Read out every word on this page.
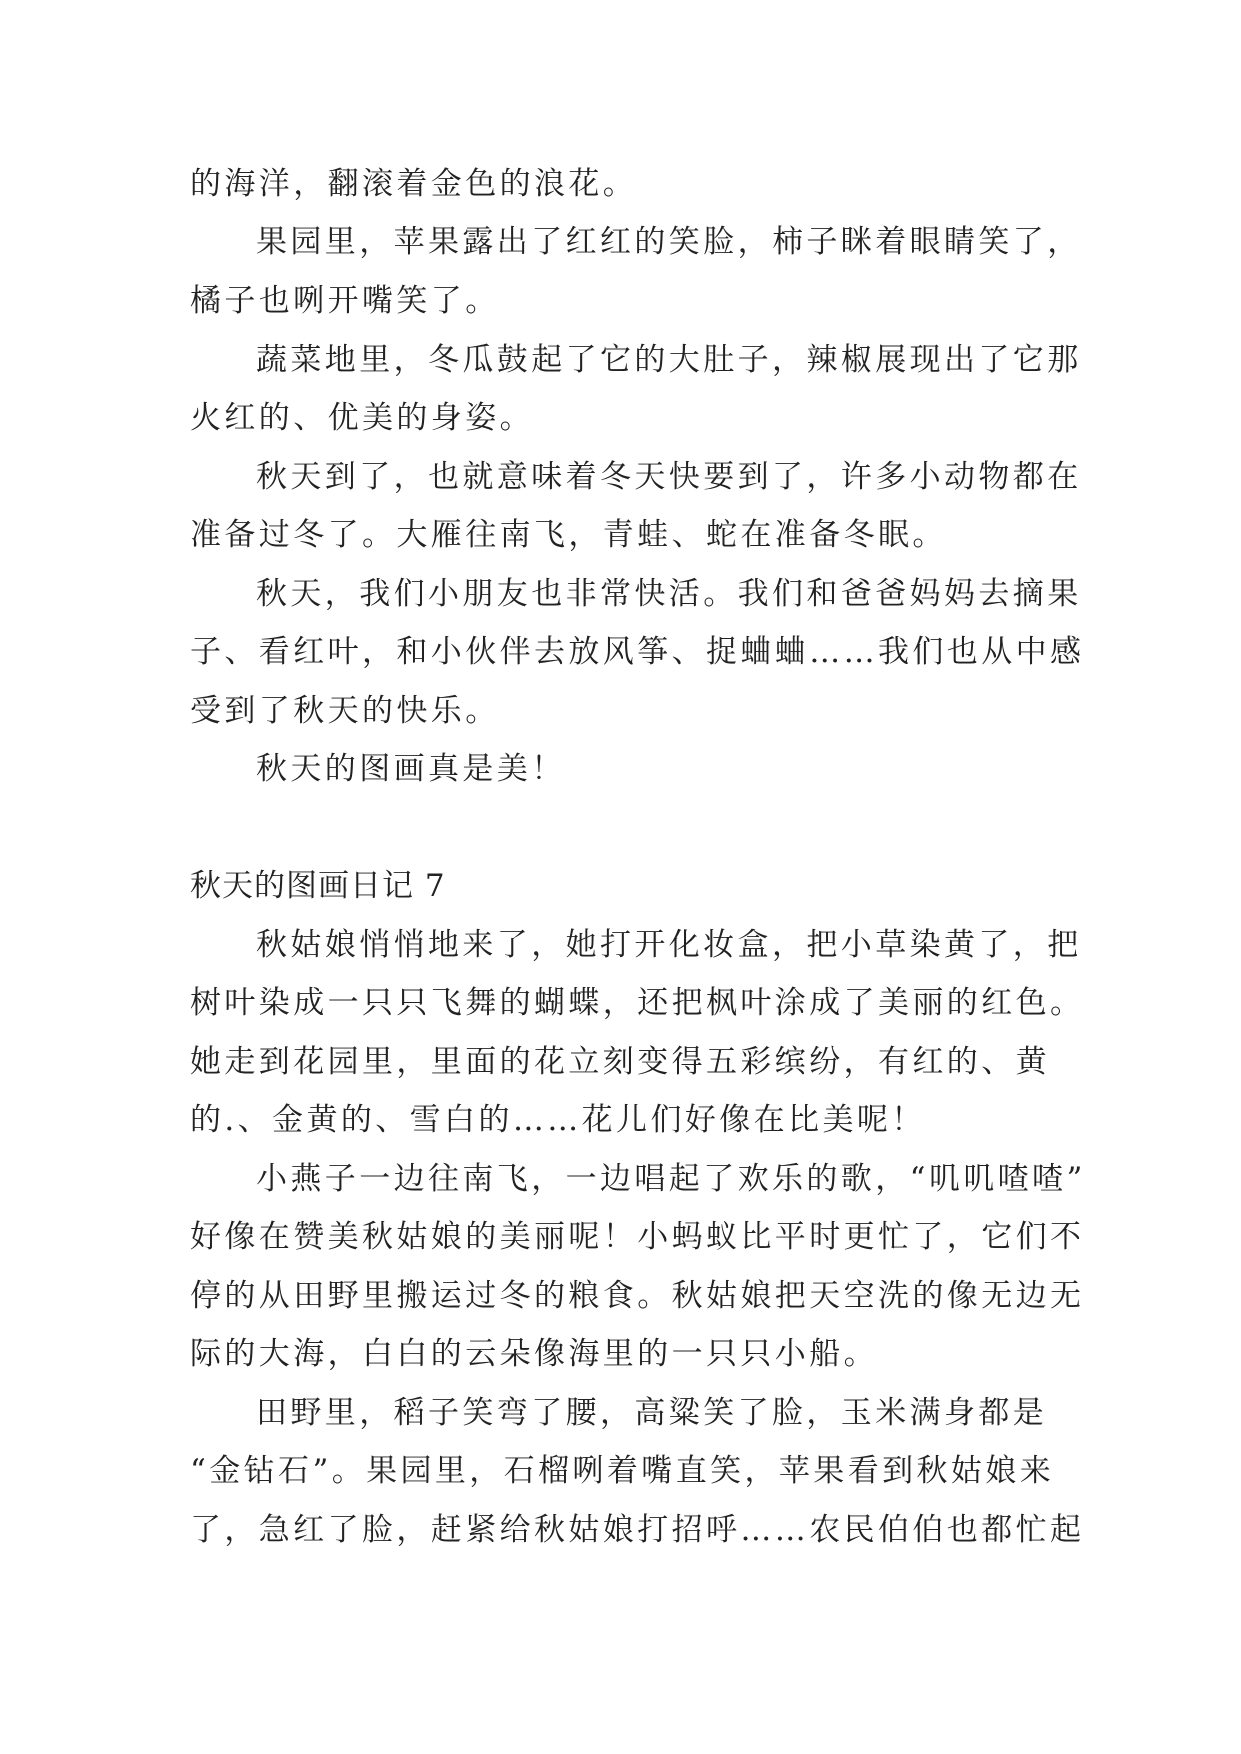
的海洋，翻滚着金色的浪花。
果园里，苹果露出了红红的笑脸，柿子眯着眼睛笑了，
橘子也咧开嘴笑了。
蔬菜地里，冬瓜鼓起了它的大肚子，辣椒展现出了它那
火红的、优美的身姿。
秋天到了，也就意味着冬天快要到了，许多小动物都在
准备过冬了。大雁往南飞，青蛙、蛇在准备冬眠。
秋天，我们小朋友也非常快活。我们和爸爸妈妈去摘果
子、看红叶，和小伙伴去放风筝、捉蛐蛐……我们也从中感
受到了秋天的快乐。
秋天的图画真是美！
秋天的图画日记 7
秋姑娘悄悄地来了，她打开化妆盒，把小草染黄了，把
树叶染成一只只飞舞的蝴蝶，还把枫叶涂成了美丽的红色。
她走到花园里，里面的花立刻变得五彩缤纷，有红的、黄
的.、金黄的、雪白的……花儿们好像在比美呢！
小燕子一边往南飞，一边唱起了欢乐的歌，“叽叽喳喳”
好像在赞美秋姑娘的美丽呢！小蚂蚁比平时更忙了，它们不
停的从田野里搬运过冬的粮食。秋姑娘把天空洗的像无边无
际的大海，白白的云朵像海里的一只只小船。
田野里，稻子笑弯了腰，高粱笑了脸，玉米满身都是
“金钻石”。果园里，石榴咧着嘴直笑，苹果看到秋姑娘来
了，急红了脸，赶紧给秋姑娘打招呼……农民伯伯也都忙起
